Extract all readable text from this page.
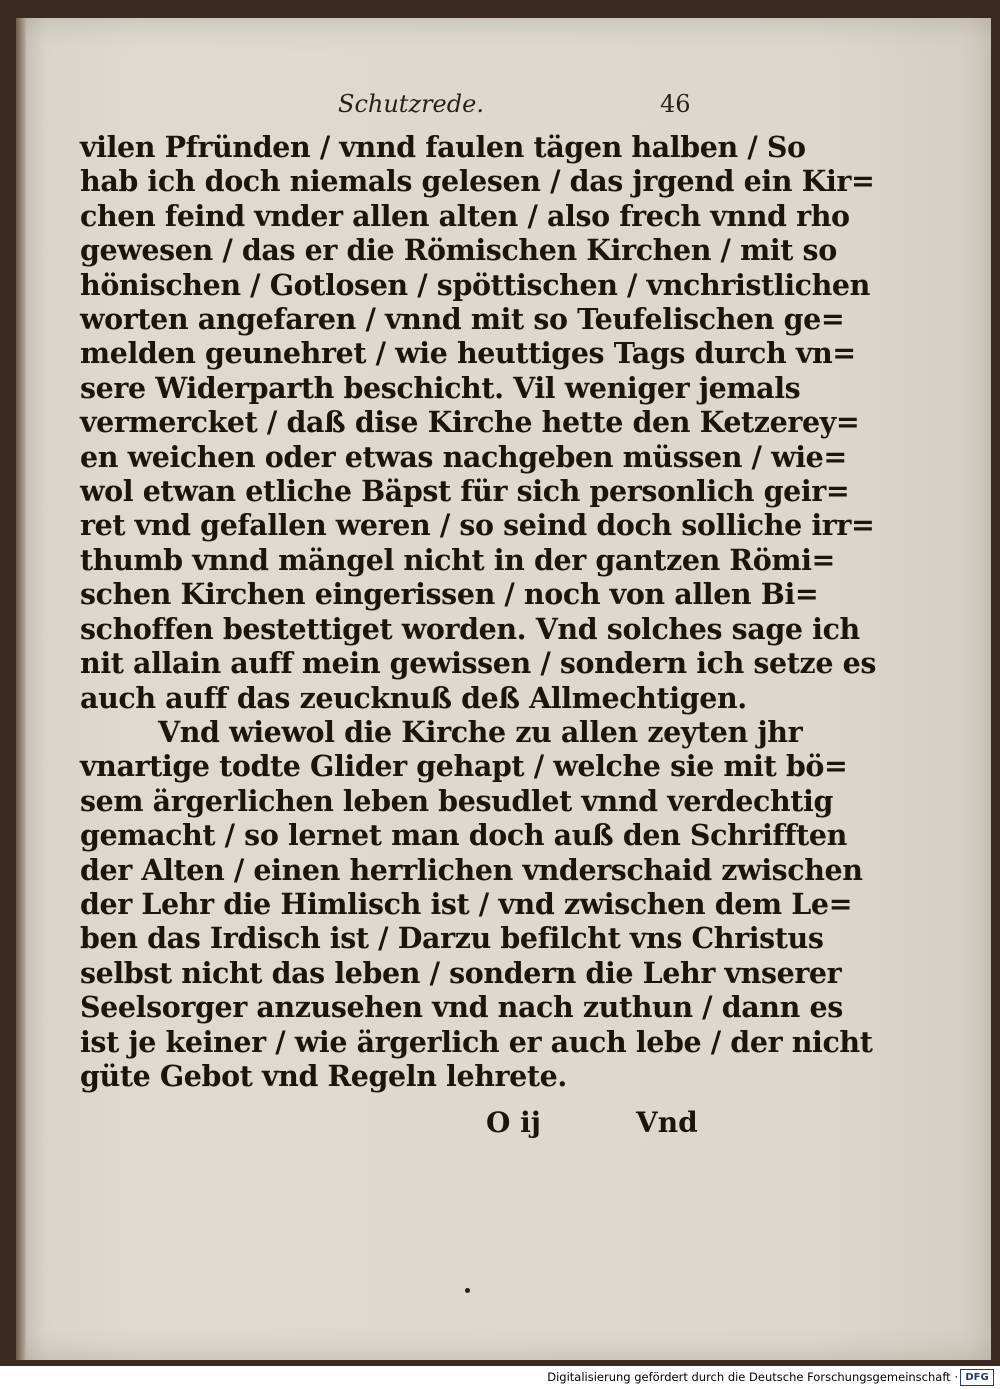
Schutzrede.	46
vilen Pfründen / vnnd faulen tägen halben / So
hab ich doch niemals gelesen / das jrgend ein Kir=
chen feind vnder allen alten / also frech vnnd rho
gewesen / das er die Römischen Kirchen / mit so
hönischen / Gotlosen / spöttischen / vnchristlichen
worten angefaren / vnnd mit so Teufelischen ge=
melden geunehret / wie heuttiges Tags durch vn=
sere Widerparth beschicht. Vil weniger jemals
vermercket / daß dise Kirche hette den Ketzerey=
en weichen oder etwas nachgeben müssen / wie=
wol etwan etliche Bäpst für sich personlich geir=
ret vnd gefallen weren / so seind doch solliche irr=
thumb vnnd mängel nicht in der gantzen Römi=
schen Kirchen eingerissen / noch von allen Bi=
schoffen bestettiget worden. Vnd solches sage ich
nit allain auff mein gewissen / sondern ich setze es
auch auff das zeucknuß deß Allmechtigen.
Vnd wiewol die Kirche zu allen zeyten jhr
vnartige todte Glider gehapt / welche sie mit bö=
sem ärgerlichen leben besudlet vnnd verdechtig
gemacht / so lernet man doch auß den Schrifften
der Alten / einen herrlichen vnderschaid zwischen
der Lehr die Himlisch ist / vnd zwischen dem Le=
ben das Irdisch ist / Darzu befilcht vns Christus
selbst nicht das leben / sondern die Lehr vnserer
Seelsorger anzusehen vnd nach zuthun / dann es
ist je keiner / wie ärgerlich er auch lebe / der nicht
güte Gebot vnd Regeln lehrete.
O ij	Vnd
Digitalisierung gefördert durch die Deutsche Forschungsgemeinschaft · DFG
